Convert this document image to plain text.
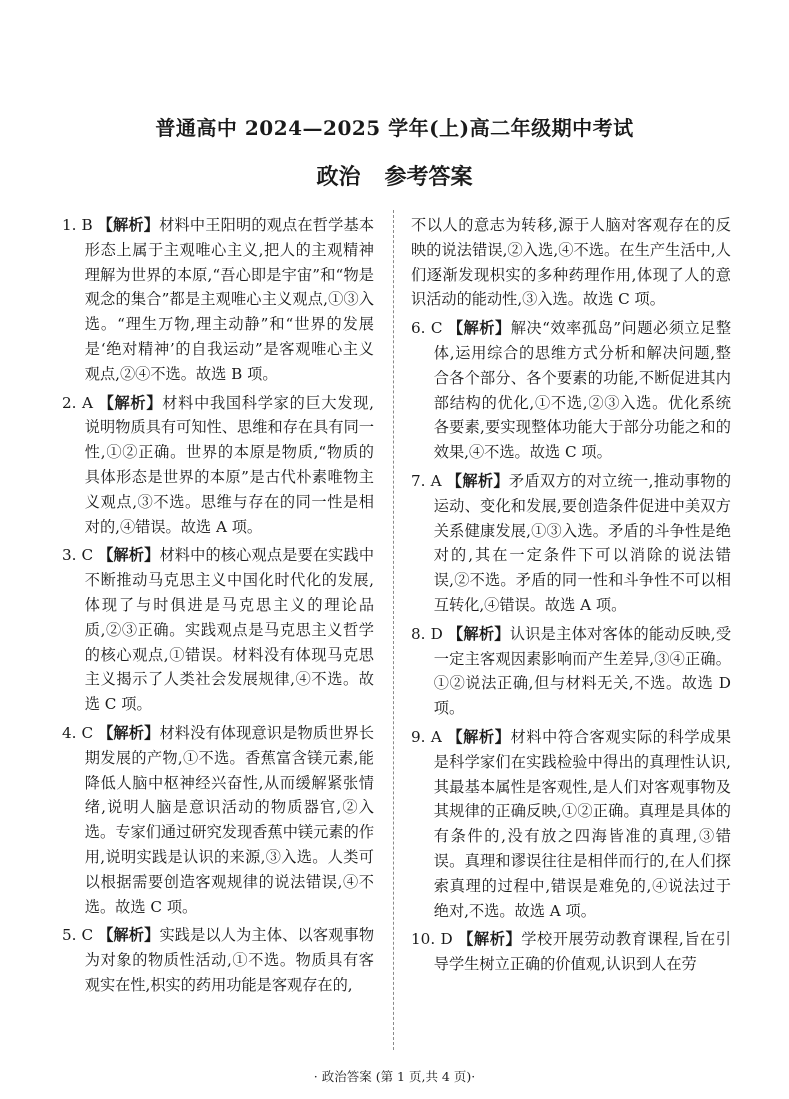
普通高中 2024—2025 学年(上)高二年级期中考试
政治 参考答案

1. B 【 解析 】 材料中王阳明的观点在哲学基本形态上属于主观唯心主义,把人的主观精神理解为世界的本原,“吾心即是宇宙”和“物是观念的集合”都是主观唯心主义观点,①③入选。“理生万物,理主动静”和“世界的发展是‘绝对精神’的自我运动”是客观唯心主义观点,②④不选。故选 B 项。

2. A 【 解析 】 材料中我国科学家的巨大发现,说明物质具有可知性、思维和存在具有同一性,①②正确。世界的本原是物质,“物质的具体形态是世界的本原”是古代朴素唯物主义观点,③不选。思维与存在的同一性是相对的,④错误。故选 A 项。

3. C 【 解析 】 材料中的核心观点是要在实践中不断推动马克思主义中国化时代化的发展,体现了与时俱进是马克思主义的理论品质,②③正确。实践观点是马克思主义哲学的核心观点,①错误。材料没有体现马克思主义揭示了人类社会发展规律,④不选。故选 C 项。

4. C 【 解析 】 材料没有体现意识是物质世界长期发展的产物,①不选。香蕉富含镁元素,能降低人脑中枢神经兴奋性,从而缓解紧张情绪,说明人脑是意识活动的物质器官,②入选。专家们通过研究发现香蕉中镁元素的作用,说明实践是认识的来源,③入选。人类可以根据需要创造客观规律的说法错误,④不选。故选 C 项。

5. C 【 解析 】 实践是以人为主体、以客观事物为对象的物质性活动,①不选。物质具有客观实在性,枳实的药用功能是客观存在的,

不以人的意志为转移,源于人脑对客观存在的反映的说法错误,②入选,④不选。在生产生活中,人们逐渐发现枳实的多种药理作用,体现了人的意识活动的能动性,③入选。故选 C 项。

6. C 【 解析 】 解决“效率孤岛”问题必须立足整体,运用综合的思维方式分析和解决问题,整合各个部分、各个要素的功能,不断促进其内部结构的优化,①不选,②③入选。优化系统各要素,要实现整体功能大于部分功能之和的效果,④不选。故选 C 项。

7. A 【 解析 】 矛盾双方的对立统一,推动事物的运动、变化和发展,要创造条件促进中美双方关系健康发展,①③入选。矛盾的斗争性是绝对的,其在一定条件下可以消除的说法错误,②不选。矛盾的同一性和斗争性不可以相互转化,④错误。故选 A 项。

8. D 【 解析 】 认识是主体对客体的能动反映,受一定主客观因素影响而产生差异,③④正确。①②说法正确,但与材料无关,不选。故选 D 项。

9. A 【 解析 】 材料中符合客观实际的科学成果是科学家们在实践检验中得出的真理性认识,其最基本属性是客观性,是人们对客观事物及其规律的正确反映,①②正确。真理是具体的有条件的,没有放之四海皆准的真理,③错误。真理和谬误往往是相伴而行的,在人们探索真理的过程中,错误是难免的,④说法过于绝对,不选。故选 A 项。

10. D 【 解析 】 学校开展劳动教育课程,旨在引导学生树立正确的价值观,认识到人在劳

· 政治答案 (第 1 页,共 4 页)·
